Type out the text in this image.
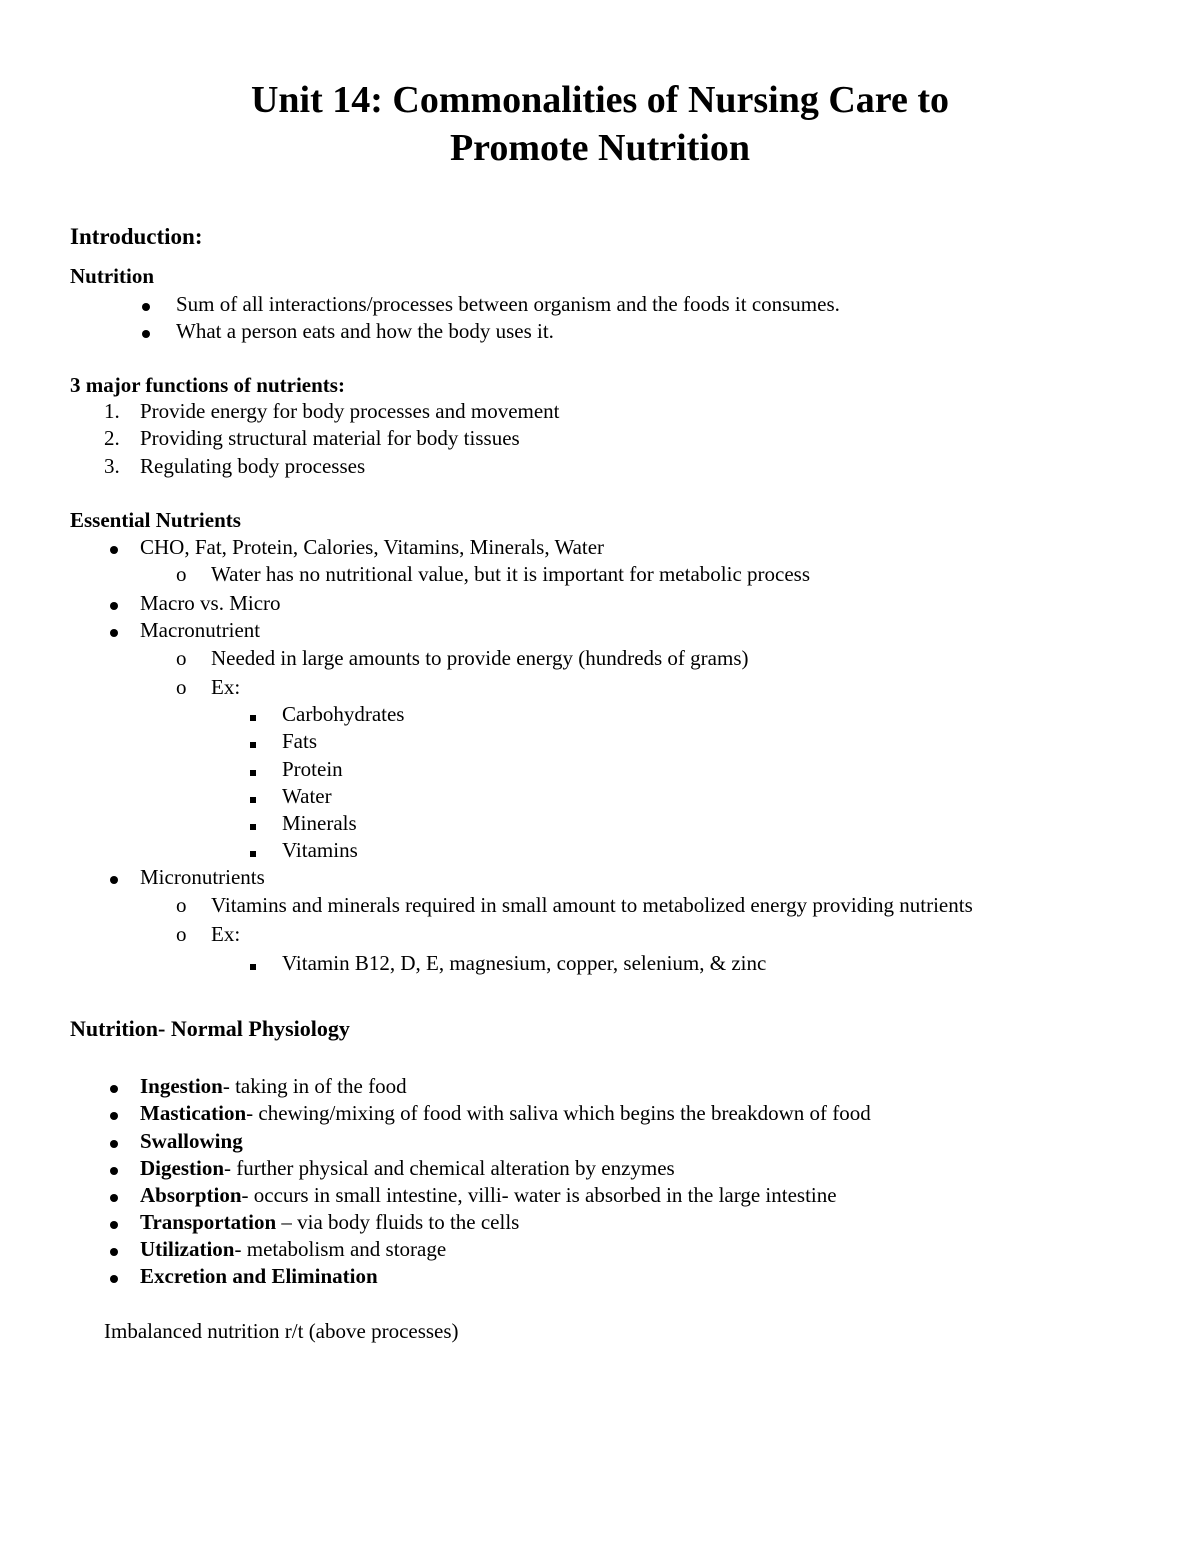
Unit 14: Commonalities of Nursing Care to
Promote Nutrition
Introduction:
Nutrition
Sum of all interactions/processes between organism and the foods it consumes.
What a person eats and how the body uses it.
3 major functions of nutrients:
1. Provide energy for body processes and movement
2. Providing structural material for body tissues
3. Regulating body processes
Essential Nutrients
CHO, Fat, Protein, Calories, Vitamins, Minerals, Water
o Water has no nutritional value, but it is important for metabolic process
Macro vs. Micro
Macronutrient
o Needed in large amounts to provide energy (hundreds of grams)
o Ex:
Carbohydrates
Fats
Protein
Water
Minerals
Vitamins
Micronutrients
o Vitamins and minerals required in small amount to metabolized energy providing nutrients
o Ex:
Vitamin B12, D, E, magnesium, copper, selenium, & zinc
Nutrition- Normal Physiology
Ingestion- taking in of the food
Mastication- chewing/mixing of food with saliva which begins the breakdown of food
Swallowing
Digestion- further physical and chemical alteration by enzymes
Absorption- occurs in small intestine, villi- water is absorbed in the large intestine
Transportation – via body fluids to the cells
Utilization- metabolism and storage
Excretion and Elimination
Imbalanced nutrition r/t (above processes)
